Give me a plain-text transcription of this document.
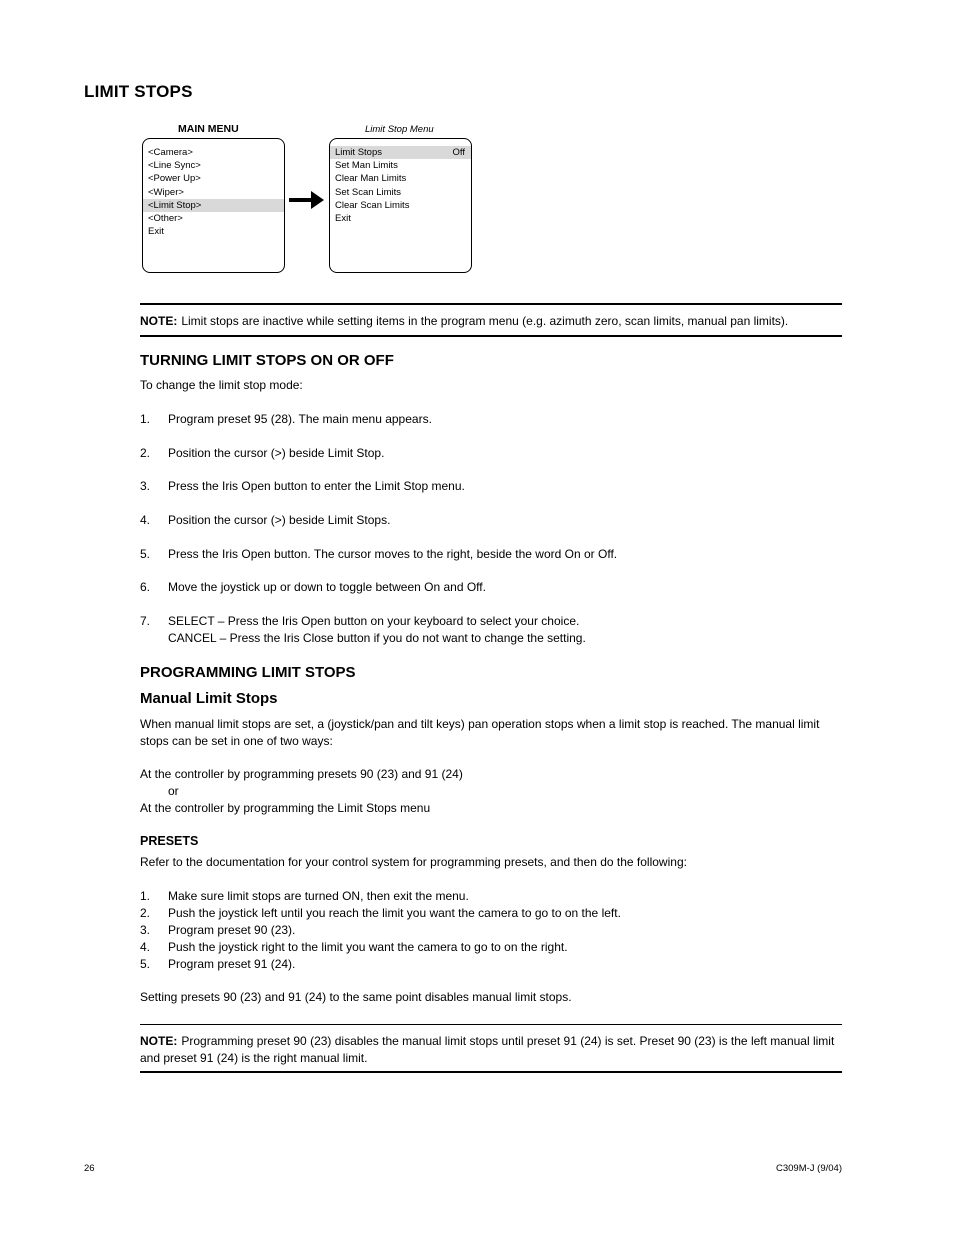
LIMIT STOPS
MAIN MENU	Limit Stop Menu
<Camera>
<Line Sync>
<Power Up>
<Wiper>
<Limit Stop>
<Other>
Exit
Limit Stops	Off
Set Man Limits
Clear Man Limits
Set Scan Limits
Clear Scan Limits
Exit
NOTE: Limit stops are inactive while setting items in the program menu (e.g. azimuth zero, scan limits, manual pan limits).
TURNING LIMIT STOPS ON OR OFF
To change the limit stop mode:
1. Program preset 95 (28). The main menu appears.
2. Position the cursor (>) beside Limit Stop.
3. Press the Iris Open button to enter the Limit Stop menu.
4. Position the cursor (>) beside Limit Stops.
5. Press the Iris Open button. The cursor moves to the right, beside the word On or Off.
6. Move the joystick up or down to toggle between On and Off.
7. SELECT – Press the Iris Open button on your keyboard to select your choice.
CANCEL – Press the Iris Close button if you do not want to change the setting.
PROGRAMMING LIMIT STOPS
Manual Limit Stops
When manual limit stops are set, a (joystick/pan and tilt keys) pan operation stops when a limit stop is reached. The manual limit stops can be set in one of two ways:
At the controller by programming presets 90 (23) and 91 (24)
or
At the controller by programming the Limit Stops menu
PRESETS
Refer to the documentation for your control system for programming presets, and then do the following:
1. Make sure limit stops are turned ON, then exit the menu.
2. Push the joystick left until you reach the limit you want the camera to go to on the left.
3. Program preset 90 (23).
4. Push the joystick right to the limit you want the camera to go to on the right.
5. Program preset 91 (24).
Setting presets 90 (23) and 91 (24) to the same point disables manual limit stops.
NOTE: Programming preset 90 (23) disables the manual limit stops until preset 91 (24) is set. Preset 90 (23) is the left manual limit and preset 91 (24) is the right manual limit.
26	C309M-J (9/04)
